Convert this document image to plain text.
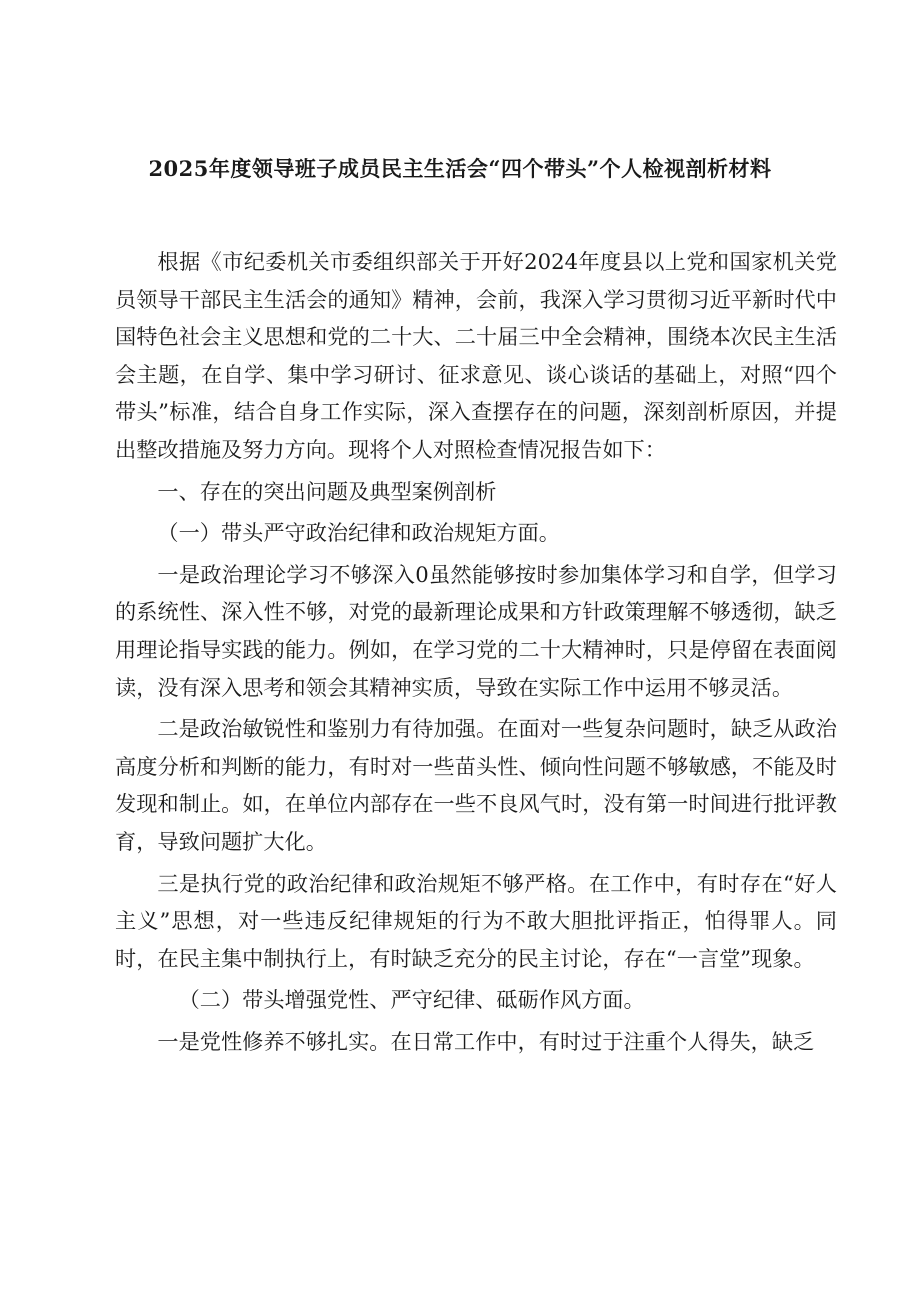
2025年度领导班子成员民主生活会“四个带头”个人检视剖析材料

根据《市纪委机关市委组织部关于开好2024年度县以上党和国家机关党员领导干部民主生活会的通知》精神，会前，我深入学习贯彻习近平新时代中国特色社会主义思想和党的二十大、二十届三中全会精神，围绕本次民主生活会主题，在自学、集中学习研讨、征求意见、谈心谈话的基础上，对照“四个带头”标准，结合自身工作实际，深入查摆存在的问题，深刻剖析原因，并提出整改措施及努力方向。现将个人对照检查情况报告如下：

一、存在的突出问题及典型案例剖析

（一）带头严守政治纪律和政治规矩方面。

一是政治理论学习不够深入0虽然能够按时参加集体学习和自学，但学习的系统性、深入性不够，对党的最新理论成果和方针政策理解不够透彻，缺乏用理论指导实践的能力。例如，在学习党的二十大精神时，只是停留在表面阅读，没有深入思考和领会其精神实质，导致在实际工作中运用不够灵活。

二是政治敏锐性和鉴别力有待加强。在面对一些复杂问题时，缺乏从政治高度分析和判断的能力，有时对一些苗头性、倾向性问题不够敏感，不能及时发现和制止。如，在单位内部存在一些不良风气时，没有第一时间进行批评教育，导致问题扩大化。

三是执行党的政治纪律和政治规矩不够严格。在工作中，有时存在“好人主义”思想，对一些违反纪律规矩的行为不敢大胆批评指正，怕得罪人。同时，在民主集中制执行上，有时缺乏充分的民主讨论，存在“一言堂”现象。

（二）带头增强党性、严守纪律、砥砺作风方面。

一是党性修养不够扎实。在日常工作中，有时过于注重个人得失，缺乏
